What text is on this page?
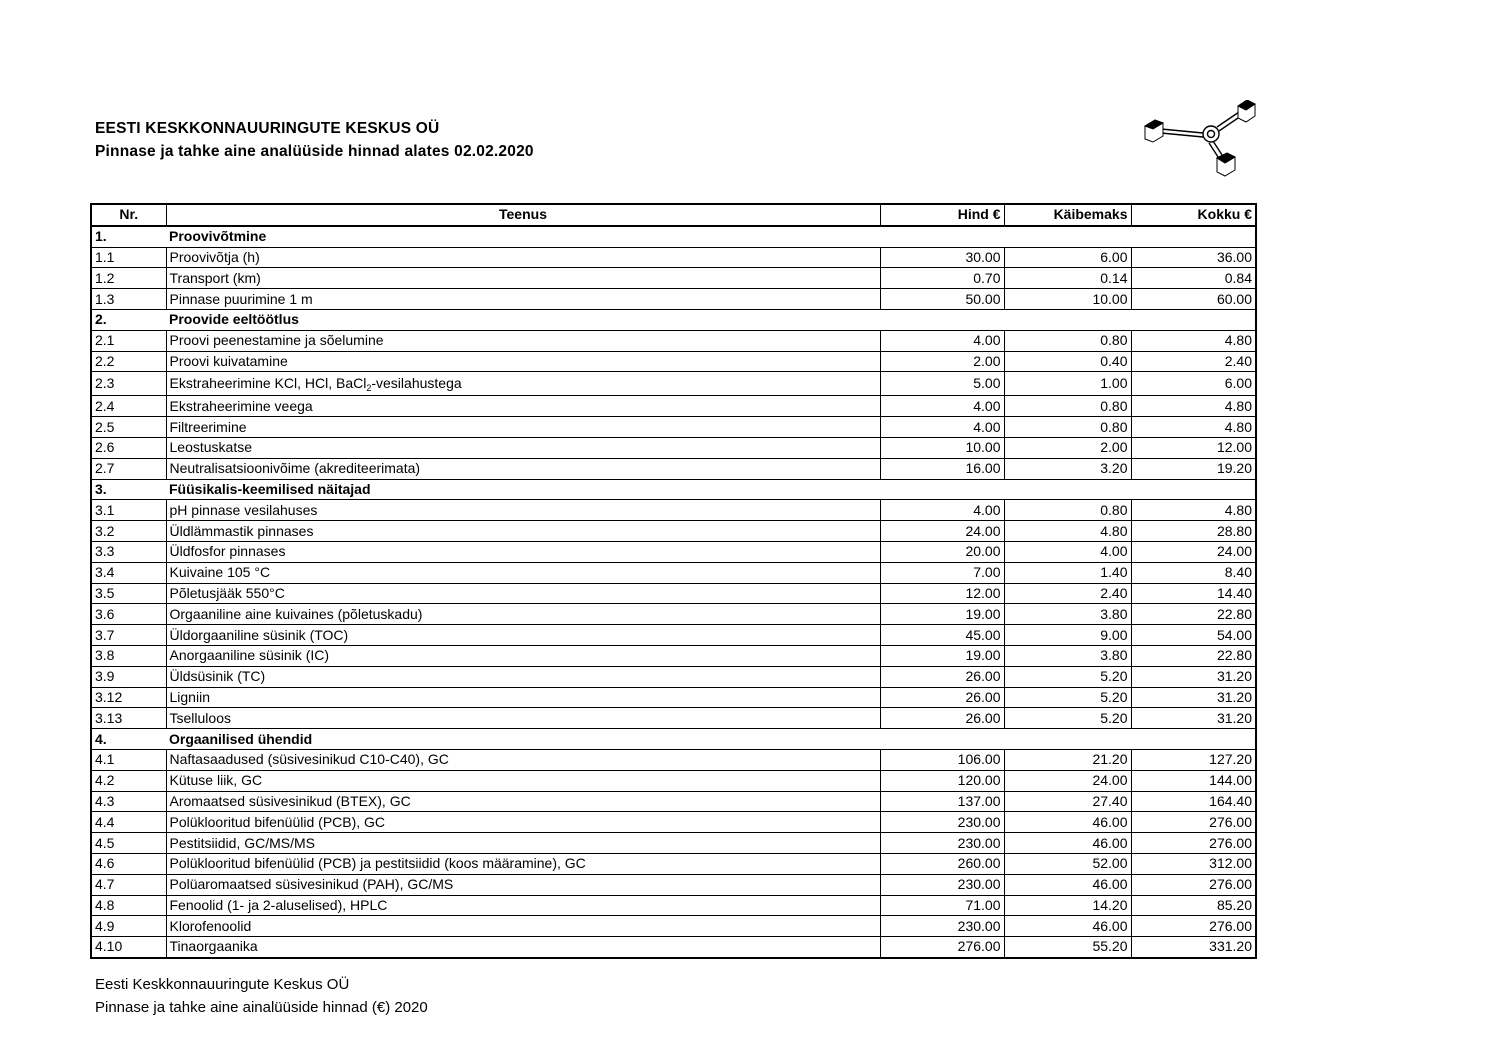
EESTI KESKKONNAUURINGUTE KESKUS OÜ
Pinnase ja tahke aine analüüside hinnad alates 02.02.2020
Nr.	Teenus	Hind €	Käibemaks	Kokku €
1.	Proovivõtmine			
1.1	Proovivõtja (h)	30.00	6.00	36.00
1.2	Transport (km)	0.70	0.14	0.84
1.3	Pinnase puurimine 1 m	50.00	10.00	60.00
2.	Proovide eeltöötlus			
2.1	Proovi peenestamine ja sõelumine	4.00	0.80	4.80
2.2	Proovi kuivatamine	2.00	0.40	2.40
2.3	Ekstraheerimine KCl, HCl, BaCl$_2$-vesilahustega	5.00	1.00	6.00
2.4	Ekstraheerimine veega	4.00	0.80	4.80
2.5	Filtreerimine	4.00	0.80	4.80
2.6	Leostuskatse	10.00	2.00	12.00
2.7	Neutralisatsioonivõime (akrediteerimata)	16.00	3.20	19.20
3.	Füüsikalis-keemilised näitajad			
3.1	pH pinnase vesilahuses	4.00	0.80	4.80
3.2	Üldlämmastik pinnases	24.00	4.80	28.80
3.3	Üldfosfor pinnases	20.00	4.00	24.00
3.4	Kuivaine 105 °C	7.00	1.40	8.40
3.5	Põletusjääk 550°C	12.00	2.40	14.40
3.6	Orgaaniline aine kuivaines (põletuskadu)	19.00	3.80	22.80
3.7	Üldorgaaniline süsinik (TOC)	45.00	9.00	54.00
3.8	Anorgaaniline süsinik (IC)	19.00	3.80	22.80
3.9	Üldsüsinik (TC)	26.00	5.20	31.20
3.12	Ligniin	26.00	5.20	31.20
3.13	Tselluloos	26.00	5.20	31.20
4.	Orgaanilised ühendid			
4.1	Naftasaadused (süsivesinikud C10-C40), GC	106.00	21.20	127.20
4.2	Kütuse liik, GC	120.00	24.00	144.00
4.3	Aromaatsed süsivesinikud (BTEX), GC	137.00	27.40	164.40
4.4	Polüklooritud bifenüülid (PCB), GC	230.00	46.00	276.00
4.5	Pestitsiidid, GC/MS/MS	230.00	46.00	276.00
4.6	Polüklooritud bifenüülid (PCB) ja pestitsiidid (koos määramine), GC	260.00	52.00	312.00
4.7	Polüaromaatsed süsivesinikud (PAH), GC/MS	230.00	46.00	276.00
4.8	Fenoolid (1- ja 2-aluselised), HPLC	71.00	14.20	85.20
4.9	Klorofenoolid	230.00	46.00	276.00
4.10	Tinaorgaanika	276.00	55.20	331.20
Eesti Keskkonnauuringute Keskus OÜ
Pinnase ja tahke aine ainalüüside hinnad (€) 2020
